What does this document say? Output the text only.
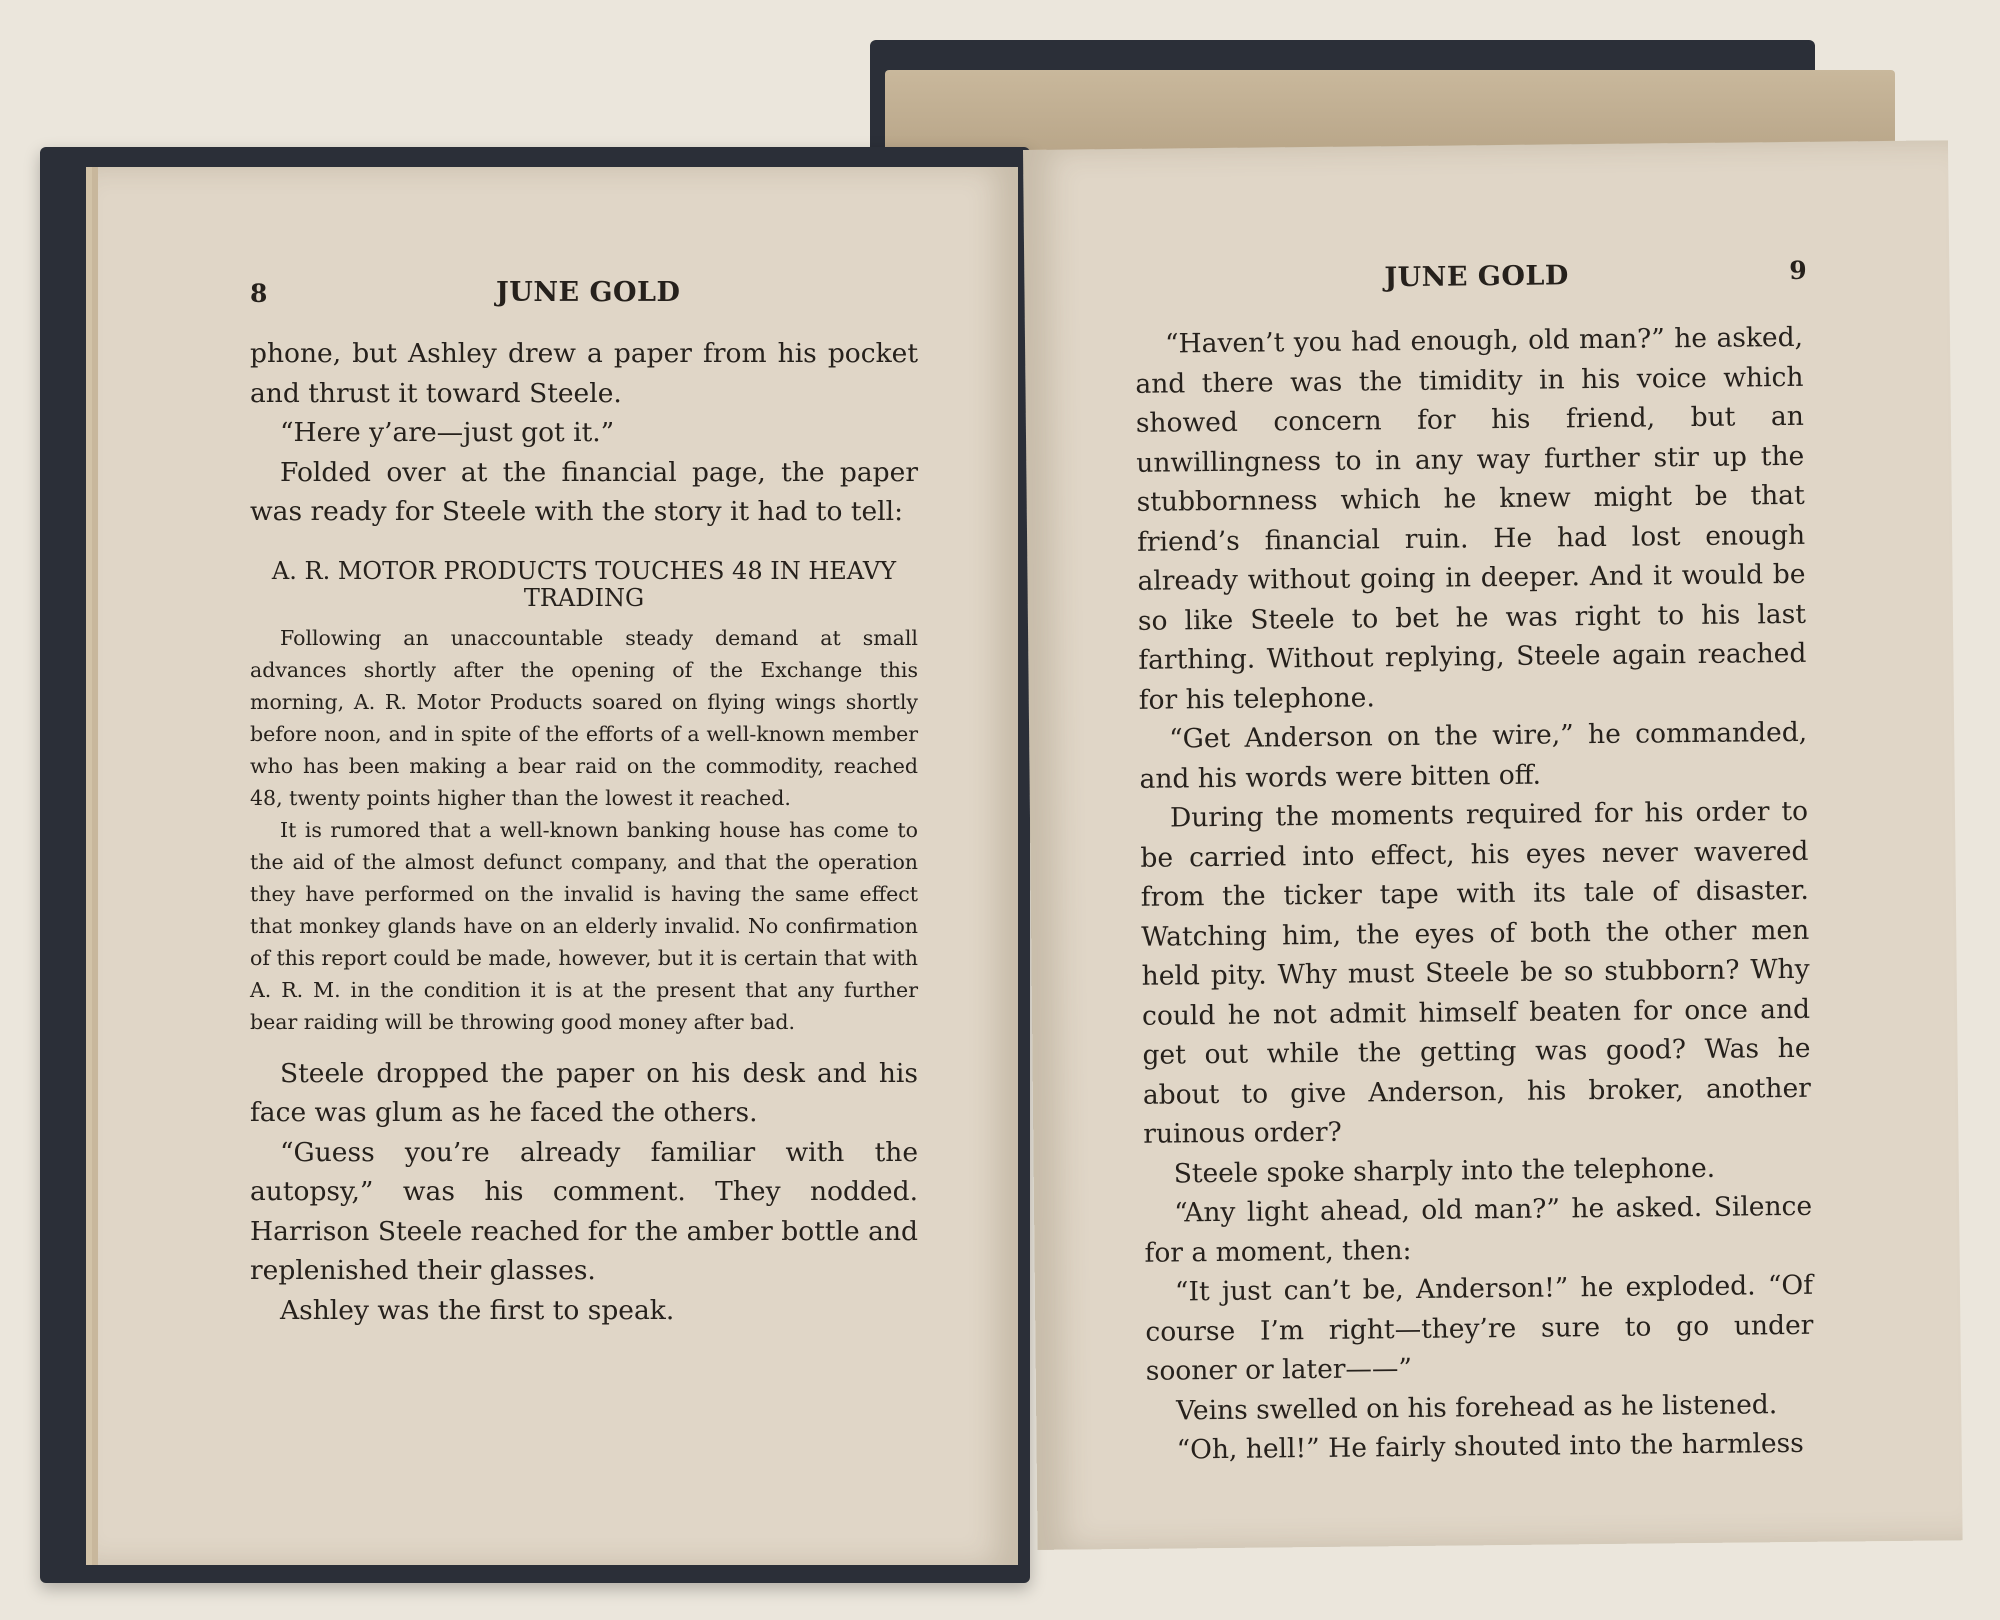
8	JUNE GOLD

phone, but Ashley drew a paper from his pocket and thrust it toward Steele.

“Here y’are—just got it.”

Folded over at the financial page, the paper was ready for Steele with the story it had to tell:

A. R. MOTOR PRODUCTS TOUCHES 48 IN HEAVY TRADING

Following an unaccountable steady demand at small advances shortly after the opening of the Exchange this morning, A. R. Motor Products soared on flying wings shortly before noon, and in spite of the efforts of a well-known member who has been making a bear raid on the commodity, reached 48, twenty points higher than the lowest it reached.

It is rumored that a well-known banking house has come to the aid of the almost defunct company, and that the operation they have performed on the invalid is having the same effect that monkey glands have on an elderly invalid. No confirmation of this report could be made, however, but it is certain that with A. R. M. in the condition it is at the present that any further bear raiding will be throwing good money after bad.

Steele dropped the paper on his desk and his face was glum as he faced the others.

“Guess you’re already familiar with the autopsy,” was his comment. They nodded. Harrison Steele reached for the amber bottle and replenished their glasses.

Ashley was the first to speak.

JUNE GOLD	9

“Haven’t you had enough, old man?” he asked, and there was the timidity in his voice which showed concern for his friend, but an unwillingness to in any way further stir up the stubbornness which he knew might be that friend’s financial ruin. He had lost enough already without going in deeper. And it would be so like Steele to bet he was right to his last farthing. Without replying, Steele again reached for his telephone.

“Get Anderson on the wire,” he commanded, and his words were bitten off.

During the moments required for his order to be carried into effect, his eyes never wavered from the ticker tape with its tale of disaster. Watching him, the eyes of both the other men held pity. Why must Steele be so stubborn? Why could he not admit himself beaten for once and get out while the getting was good? Was he about to give Anderson, his broker, another ruinous order?

Steele spoke sharply into the telephone.

“Any light ahead, old man?” he asked. Silence for a moment, then:

“It just can’t be, Anderson!” he exploded. “Of course I’m right—they’re sure to go under sooner or later——”

Veins swelled on his forehead as he listened.

“Oh, hell!” He fairly shouted into the harmless
